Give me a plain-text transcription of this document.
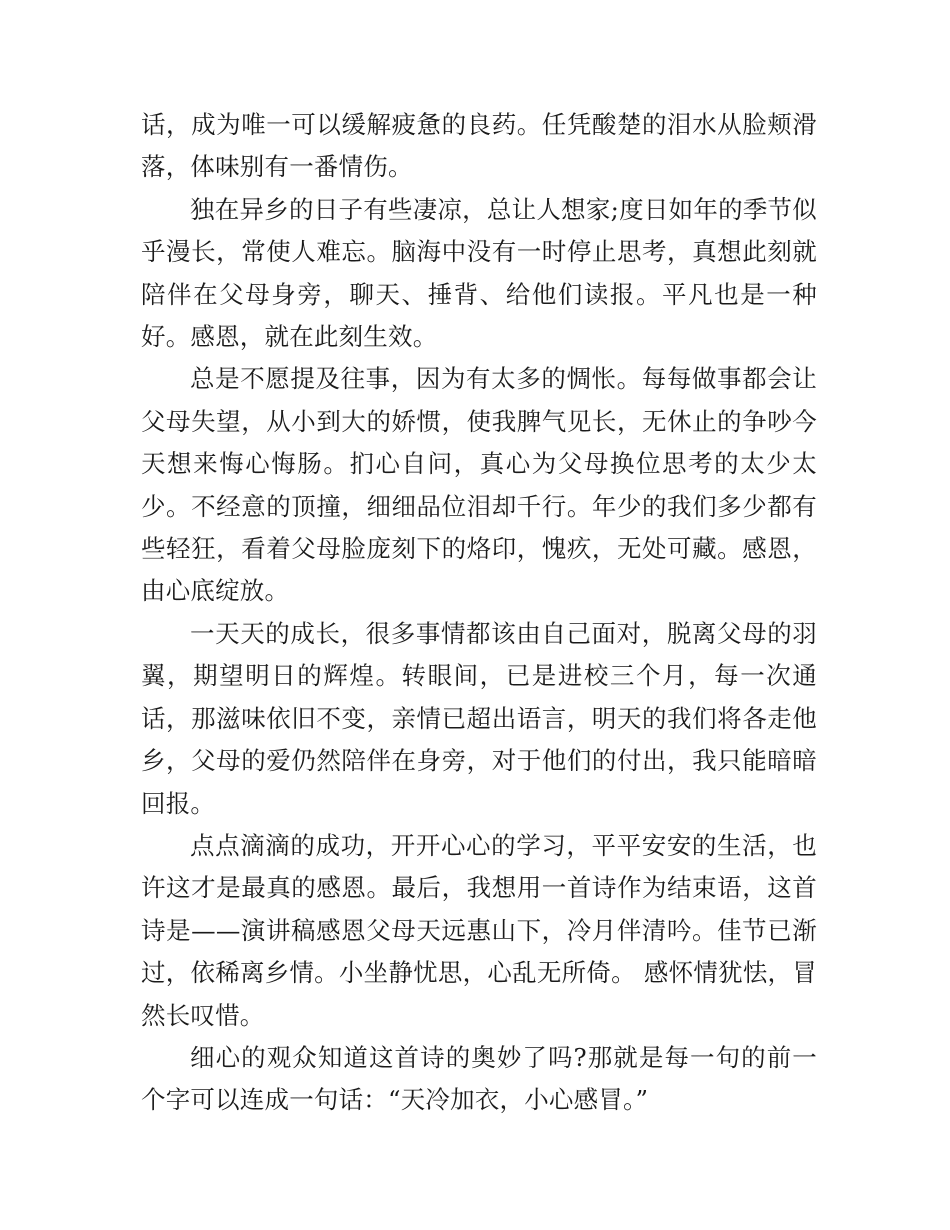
话，成为唯一可以缓解疲惫的良药。任凭酸楚的泪水从脸颊滑落，体味别有一番情伤。

独在异乡的日子有些凄凉，总让人想家;度日如年的季节似乎漫长，常使人难忘。脑海中没有一时停止思考，真想此刻就陪伴在父母身旁，聊天、捶背、给他们读报。平凡也是一种好。感恩，就在此刻生效。

总是不愿提及往事，因为有太多的惆怅。每每做事都会让父母失望，从小到大的娇惯，使我脾气见长，无休止的争吵今天想来悔心悔肠。扪心自问，真心为父母换位思考的太少太少。不经意的顶撞，细细品位泪却千行。年少的我们多少都有些轻狂，看着父母脸庞刻下的烙印，愧疚，无处可藏。感恩，由心底绽放。

一天天的成长，很多事情都该由自己面对，脱离父母的羽翼，期望明日的辉煌。转眼间，已是进校三个月，每一次通话，那滋味依旧不变，亲情已超出语言，明天的我们将各走他乡，父母的爱仍然陪伴在身旁，对于他们的付出，我只能暗暗回报。

点点滴滴的成功，开开心心的学习，平平安安的生活，也许这才是最真的感恩。最后，我想用一首诗作为结束语，这首诗是——演讲稿感恩父母天远惠山下，冷月伴清吟。佳节已渐过，依稀离乡情。小坐静忧思，心乱无所倚。 感怀情犹怯，冒然长叹惜。

细心的观众知道这首诗的奥妙了吗?那就是每一句的前一个字可以连成一句话：“天冷加衣，小心感冒。”
